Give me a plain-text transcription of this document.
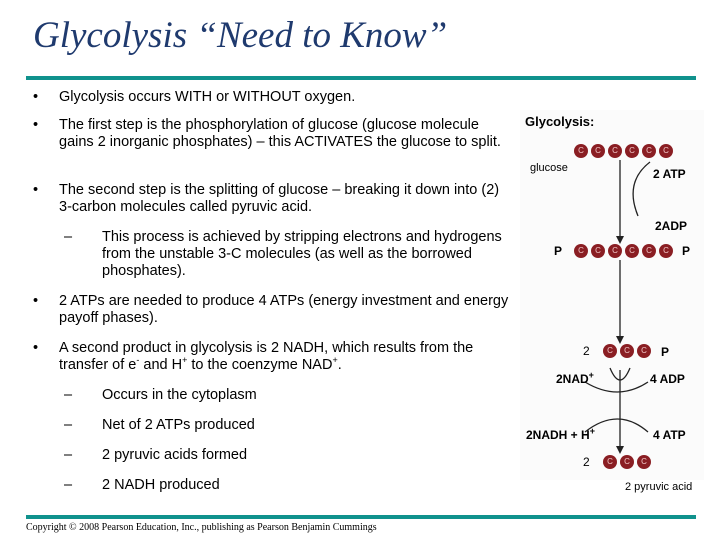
Glycolysis “Need to Know”
• Glycolysis occurs WITH or WITHOUT oxygen.
• The first step is the phosphorylation of glucose (glucose molecule gains 2 inorganic phosphates) – this ACTIVATES the glucose to split.
• The second step is the splitting of glucose – breaking it down into (2) 3-carbon molecules called pyruvic acid.
– This process is achieved by stripping electrons and hydrogens from the unstable 3-C molecules (as well as the borrowed phosphates).
• 2 ATPs are needed to produce 4 ATPs (energy investment and energy payoff phases).
• A second product in glycolysis is 2 NADH, which results from the transfer of e- and H+ to the coenzyme NAD+.
– Occurs in the cytoplasm
– Net of 2 ATPs produced
– 2 pyruvic acids formed
– 2 NADH produced
Glycolysis:
C	C	C	C	C	C
glucose	2 ATP
2ADP
P	C	C	C	C	C	C	P
2	C	C	C	P
2NAD+	4 ADP
2NADH + H+	4 ATP
2	C	C	C
2 pyruvic acid
Copyright © 2008 Pearson Education, Inc., publishing as Pearson Benjamin Cummings
